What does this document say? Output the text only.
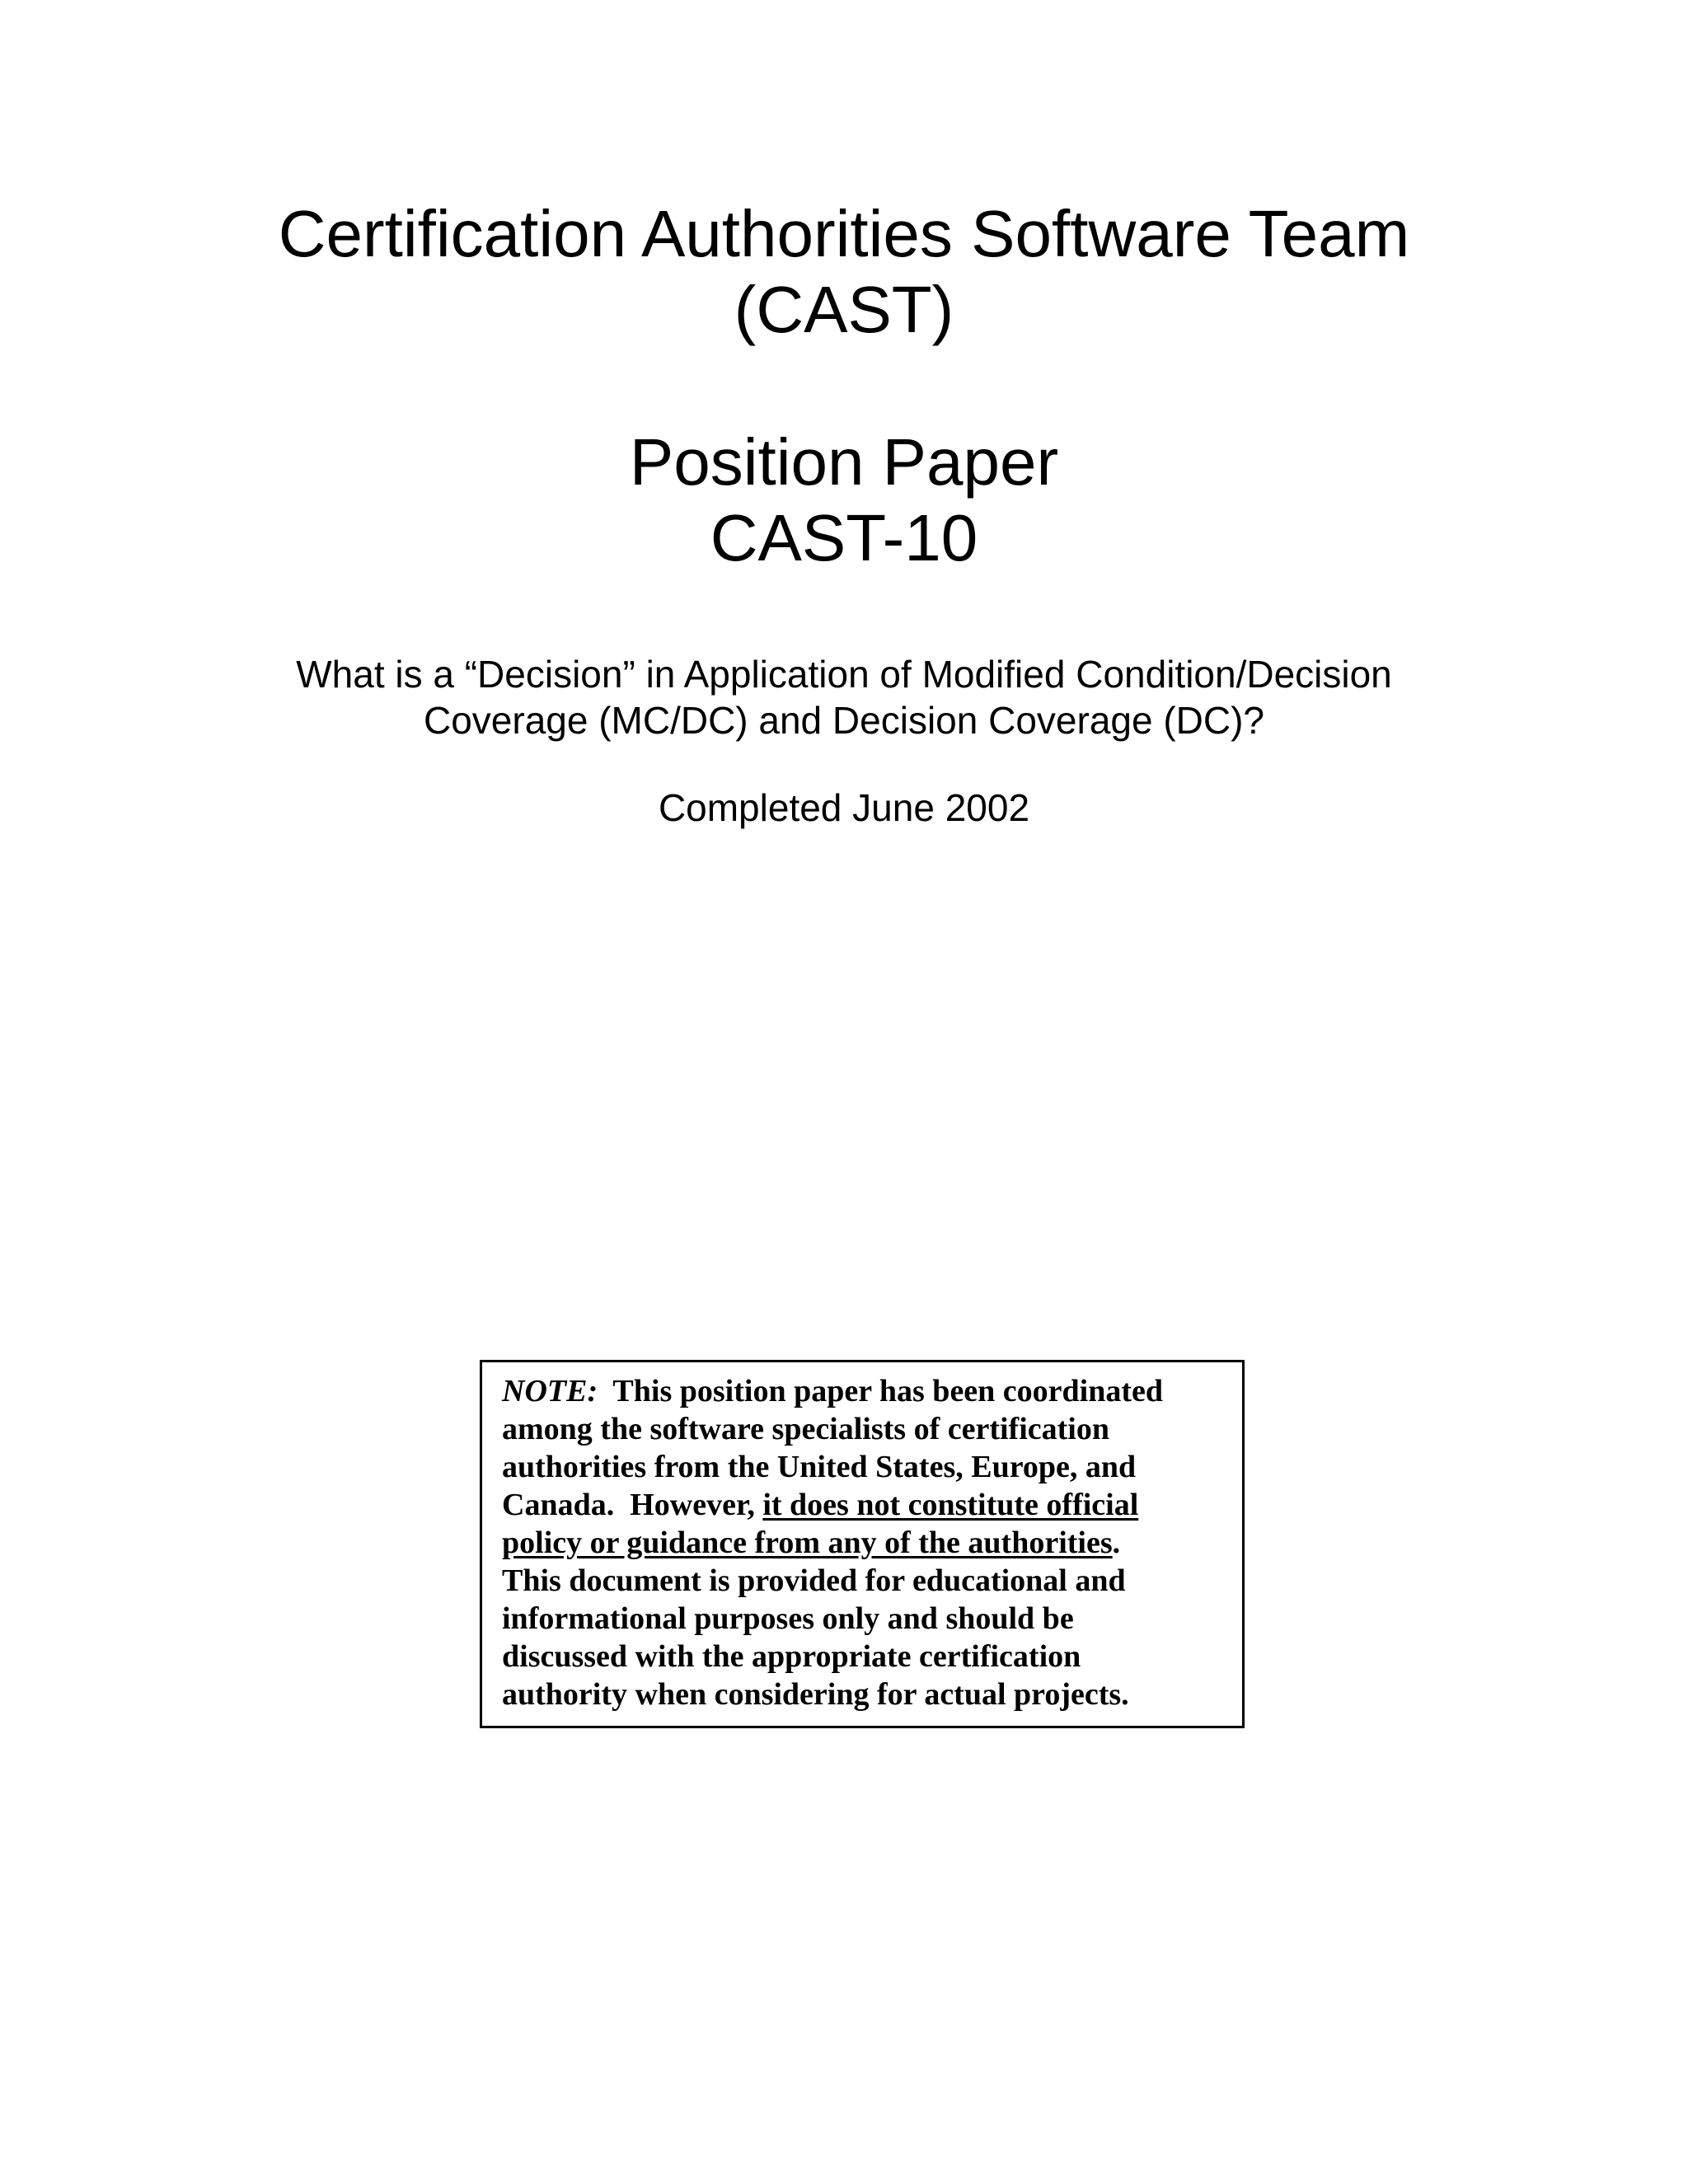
Certification Authorities Software Team
(CAST)
Position Paper
CAST-10
What is a “Decision” in Application of Modified Condition/Decision
Coverage (MC/DC) and Decision Coverage (DC)?
Completed June 2002
NOTE:  This position paper has been coordinated
among the software specialists of certification
authorities from the United States, Europe, and
Canada.  However, it does not constitute official
policy or guidance from any of the authorities.
This document is provided for educational and
informational purposes only and should be
discussed with the appropriate certification
authority when considering for actual projects.
